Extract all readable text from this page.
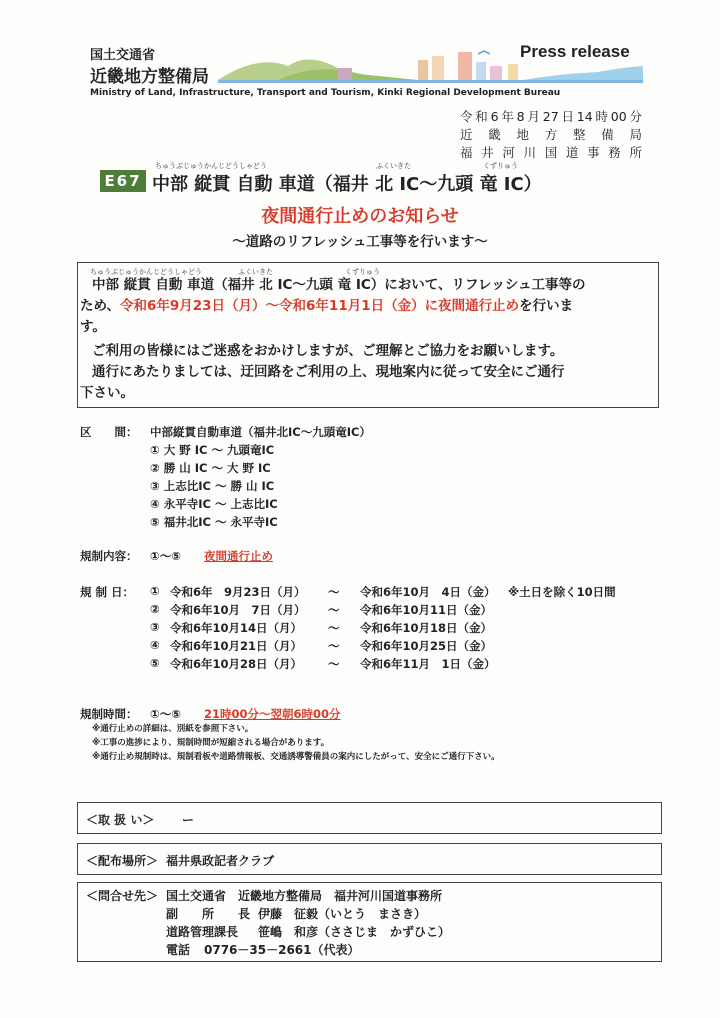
国土交通省
近畿地方整備局
Ministry of Land, Infrastructure, Transport and Tourism, Kinki Regional Development Bureau
Press release
令和6年8月27日14時00分
近畿地方整備局
福井河川国道事務所
ちゅうぶじゅうかんじどうしゃどう	ふくいきた	くずりゅう
E67 中部 縦貫 自動 車道（福井 北 IC～九頭 竜 IC）
夜間通行止めのお知らせ
～道路のリフレッシュ工事等を行います～
ちゅうぶじゅうかんじどうしゃどう	ふくいきた	くずりゅう
中部 縦貫 自動 車道（福井 北 IC～九頭 竜 IC）において、リフレッシュ工事等の
ため、令和6年9月23日（月）～令和6年11月1日（金）に夜間通行止めを行いま
す。
ご利用の皆様にはご迷惑をおかけしますが、ご理解とご協力をお願いします。
通行にあたりましては、迂回路をご利用の上、現地案内に従って安全にご通行
下さい。
区　　間： 中部縦貫自動車道（福井北IC～九頭竜IC）
① 大 野 IC ～ 九頭竜IC
② 勝 山 IC ～ 大 野 IC
③ 上志比IC ～ 勝 山 IC
④ 永平寺IC ～ 上志比IC
⑤ 福井北IC ～ 永平寺IC
規制内容： ①～⑤ 夜間通行止め
規 制 日： ① 令和6年　9月23日（月） ～ 令和6年10月　4日（金） ※土日を除く10日間
② 令和6年10月　7日（月） ～ 令和6年10月11日（金）
③ 令和6年10月14日（月） ～ 令和6年10月18日（金）
④ 令和6年10月21日（月） ～ 令和6年10月25日（金）
⑤ 令和6年10月28日（月） ～ 令和6年11月　1日（金）
規制時間： ①～⑤ 21時00分～翌朝6時00分
※通行止めの詳細は、別紙を参照下さい。
※工事の進捗により、規制時間が短縮される場合があります。
※通行止め規制時は、規制看板や道路情報板、交通誘導警備員の案内にしたがって、安全にご通行下さい。
＜取 扱 い＞ ー
＜配布場所＞ 福井県政記者クラブ
＜問合せ先＞ 国土交通省　近畿地方整備局　福井河川国道事務所
副　　所　　長 伊藤　征毅（いとう　まさき）
道路管理課長 笹嶋　和彦（ささじま　かずひこ）
電話 0776－35－2661（代表）
